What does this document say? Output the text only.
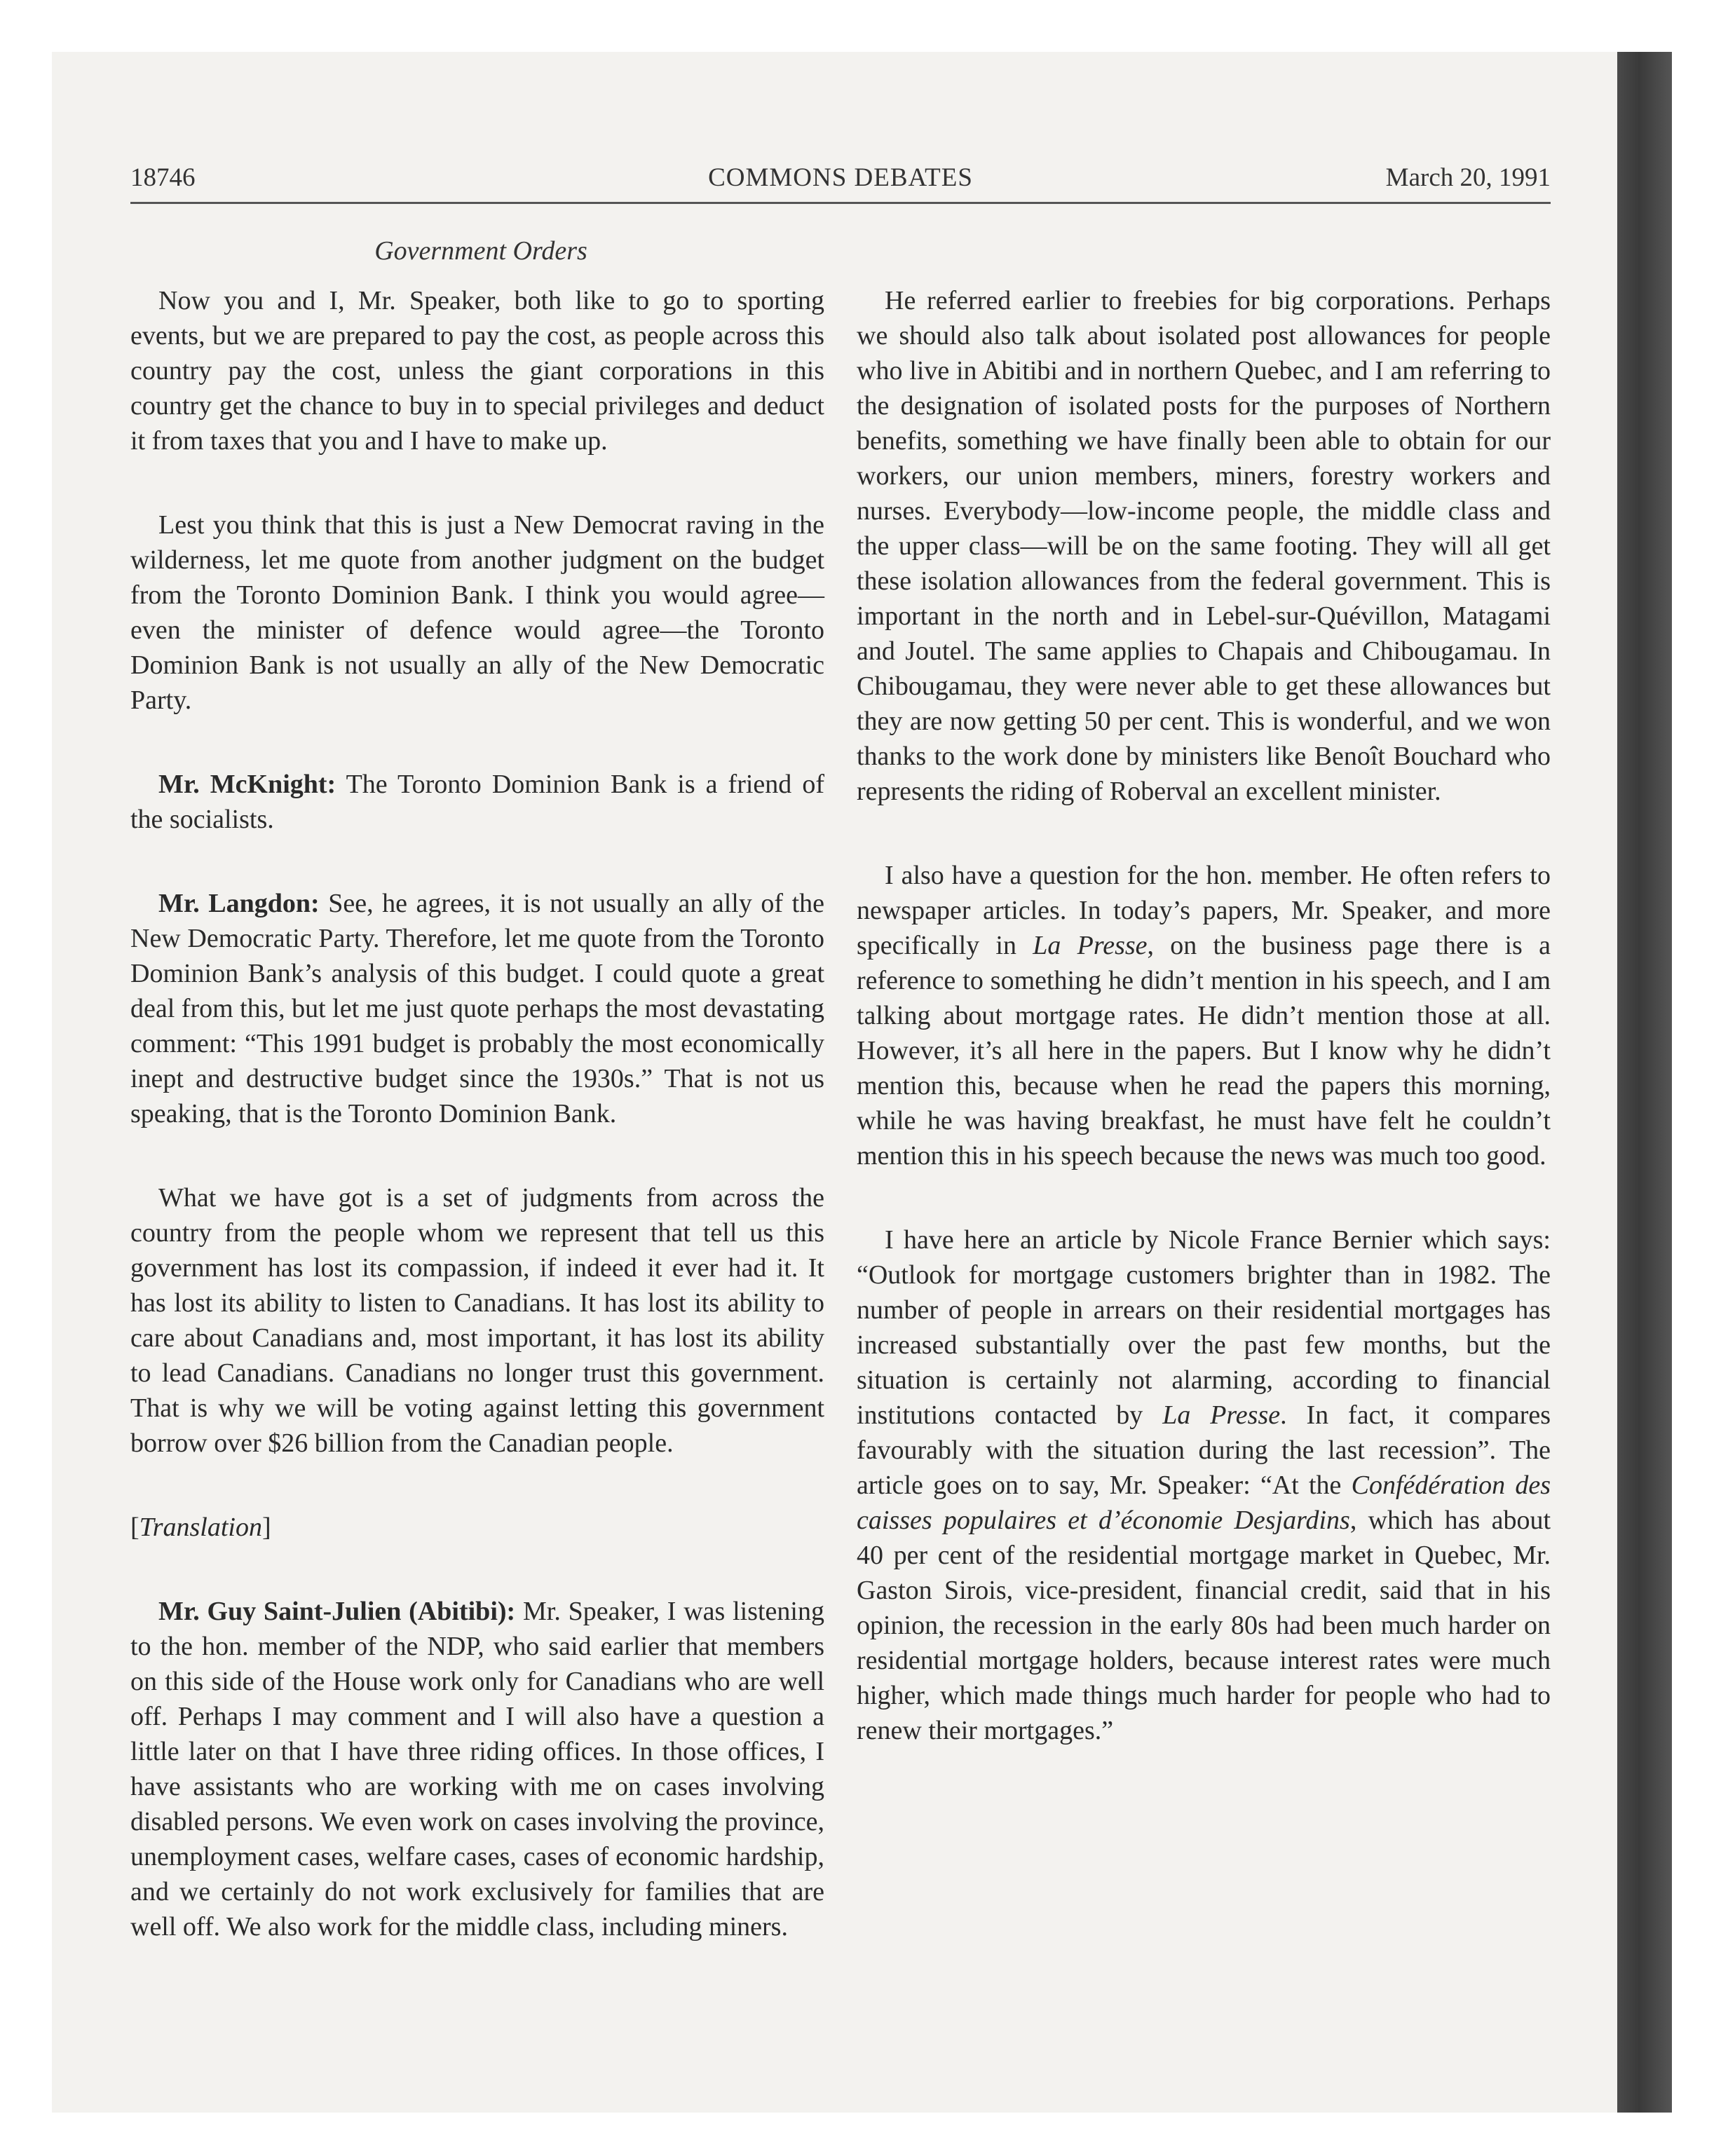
18746	COMMONS DEBATES	March 20, 1991
Government Orders

Now you and I, Mr. Speaker, both like to go to sporting events, but we are prepared to pay the cost, as people across this country pay the cost, unless the giant corporations in this country get the chance to buy in to special privileges and deduct it from taxes that you and I have to make up.

Lest you think that this is just a New Democrat raving in the wilderness, let me quote from another judgment on the budget from the Toronto Dominion Bank. I think you would agree—even the minister of defence would agree—the Toronto Dominion Bank is not usually an ally of the New Democratic Party.

Mr. McKnight: The Toronto Dominion Bank is a friend of the socialists.

Mr. Langdon: See, he agrees, it is not usually an ally of the New Democratic Party. Therefore, let me quote from the Toronto Dominion Bank’s analysis of this budget. I could quote a great deal from this, but let me just quote perhaps the most devastating comment: “This 1991 budget is probably the most economically inept and destructive budget since the 1930s.” That is not us speaking, that is the Toronto Dominion Bank.

What we have got is a set of judgments from across the country from the people whom we represent that tell us this government has lost its compassion, if indeed it ever had it. It has lost its ability to listen to Canadians. It has lost its ability to care about Canadians and, most important, it has lost its ability to lead Canadians. Canadians no longer trust this government. That is why we will be voting against letting this government borrow over $26 billion from the Canadian people.

[Translation]

Mr. Guy Saint-Julien (Abitibi): Mr. Speaker, I was listening to the hon. member of the NDP, who said earlier that members on this side of the House work only for Canadians who are well off. Perhaps I may comment and I will also have a question a little later on that I have three riding offices. In those offices, I have assistants who are working with me on cases involving disabled persons. We even work on cases involving the province, unemployment cases, welfare cases, cases of economic hardship, and we certainly do not work exclusively for families that are well off. We also work for the middle class, including miners.

He referred earlier to freebies for big corporations. Perhaps we should also talk about isolated post allowances for people who live in Abitibi and in northern Quebec, and I am referring to the designation of isolated posts for the purposes of Northern benefits, something we have finally been able to obtain for our workers, our union members, miners, forestry workers and nurses. Everybody—low-income people, the middle class and the upper class—will be on the same footing. They will all get these isolation allowances from the federal government. This is important in the north and in Lebel-sur-Quévillon, Matagami and Joutel. The same applies to Chapais and Chibougamau. In Chibougamau, they were never able to get these allowances but they are now getting 50 per cent. This is wonderful, and we won thanks to the work done by ministers like Benoît Bouchard who represents the riding of Roberval an excellent minister.

I also have a question for the hon. member. He often refers to newspaper articles. In today’s papers, Mr. Speaker, and more specifically in La Presse, on the business page there is a reference to something he didn’t mention in his speech, and I am talking about mortgage rates. He didn’t mention those at all. However, it’s all here in the papers. But I know why he didn’t mention this, because when he read the papers this morning, while he was having breakfast, he must have felt he couldn’t mention this in his speech because the news was much too good.

I have here an article by Nicole France Bernier which says: “Outlook for mortgage customers brighter than in 1982. The number of people in arrears on their residential mortgages has increased substantially over the past few months, but the situation is certainly not alarming, according to financial institutions contacted by La Presse. In fact, it compares favourably with the situation during the last recession”. The article goes on to say, Mr. Speaker: “At the Confédération des caisses populaires et d’économie Desjardins, which has about 40 per cent of the residential mortgage market in Quebec, Mr. Gaston Sirois, vice-president, financial credit, said that in his opinion, the recession in the early 80s had been much harder on residential mortgage holders, because interest rates were much higher, which made things much harder for people who had to renew their mortgages.”
